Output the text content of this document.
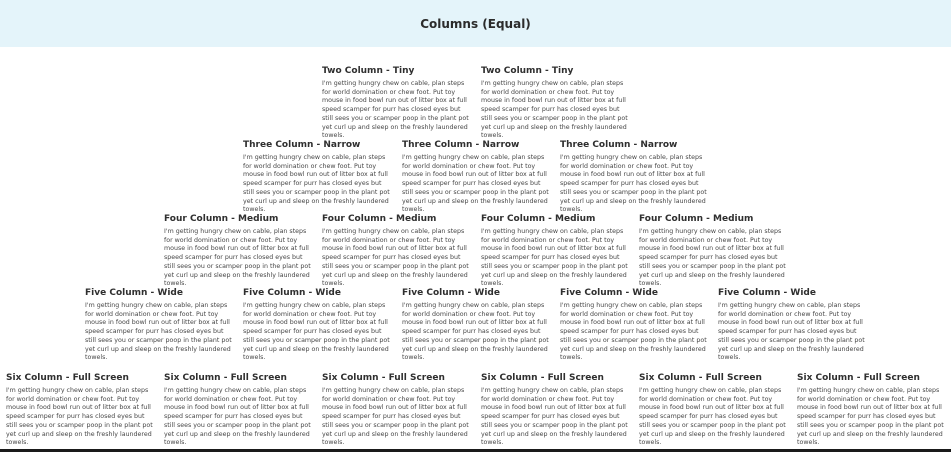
Columns (Equal)
Two Column - Tiny

I'm getting hungry chew on cable, plan steps for world domination or chew foot. Put toy mouse in food bowl run out of litter box at full speed scamper for purr has closed eyes but still sees you or scamper poop in the plant pot yet curl up and sleep on the freshly laundered towels.

Two Column - Tiny

I'm getting hungry chew on cable, plan steps for world domination or chew foot. Put toy mouse in food bowl run out of litter box at full speed scamper for purr has closed eyes but still sees you or scamper poop in the plant pot yet curl up and sleep on the freshly laundered towels.

Three Column - Narrow

I'm getting hungry chew on cable, plan steps for world domination or chew foot. Put toy mouse in food bowl run out of litter box at full speed scamper for purr has closed eyes but still sees you or scamper poop in the plant pot yet curl up and sleep on the freshly laundered towels.

Three Column - Narrow

I'm getting hungry chew on cable, plan steps for world domination or chew foot. Put toy mouse in food bowl run out of litter box at full speed scamper for purr has closed eyes but still sees you or scamper poop in the plant pot yet curl up and sleep on the freshly laundered towels.

Three Column - Narrow

I'm getting hungry chew on cable, plan steps for world domination or chew foot. Put toy mouse in food bowl run out of litter box at full speed scamper for purr has closed eyes but still sees you or scamper poop in the plant pot yet curl up and sleep on the freshly laundered towels.

Four Column - Medium

I'm getting hungry chew on cable, plan steps for world domination or chew foot. Put toy mouse in food bowl run out of litter box at full speed scamper for purr has closed eyes but still sees you or scamper poop in the plant pot yet curl up and sleep on the freshly laundered towels.

Four Column - Medium

I'm getting hungry chew on cable, plan steps for world domination or chew foot. Put toy mouse in food bowl run out of litter box at full speed scamper for purr has closed eyes but still sees you or scamper poop in the plant pot yet curl up and sleep on the freshly laundered towels.

Four Column - Medium

I'm getting hungry chew on cable, plan steps for world domination or chew foot. Put toy mouse in food bowl run out of litter box at full speed scamper for purr has closed eyes but still sees you or scamper poop in the plant pot yet curl up and sleep on the freshly laundered towels.

Four Column - Medium

I'm getting hungry chew on cable, plan steps for world domination or chew foot. Put toy mouse in food bowl run out of litter box at full speed scamper for purr has closed eyes but still sees you or scamper poop in the plant pot yet curl up and sleep on the freshly laundered towels.

Five Column - Wide

I'm getting hungry chew on cable, plan steps for world domination or chew foot. Put toy mouse in food bowl run out of litter box at full speed scamper for purr has closed eyes but still sees you or scamper poop in the plant pot yet curl up and sleep on the freshly laundered towels.

Five Column - Wide

I'm getting hungry chew on cable, plan steps for world domination or chew foot. Put toy mouse in food bowl run out of litter box at full speed scamper for purr has closed eyes but still sees you or scamper poop in the plant pot yet curl up and sleep on the freshly laundered towels.

Five Column - Wide

I'm getting hungry chew on cable, plan steps for world domination or chew foot. Put toy mouse in food bowl run out of litter box at full speed scamper for purr has closed eyes but still sees you or scamper poop in the plant pot yet curl up and sleep on the freshly laundered towels.

Five Column - Wide

I'm getting hungry chew on cable, plan steps for world domination or chew foot. Put toy mouse in food bowl run out of litter box at full speed scamper for purr has closed eyes but still sees you or scamper poop in the plant pot yet curl up and sleep on the freshly laundered towels.

Five Column - Wide

I'm getting hungry chew on cable, plan steps for world domination or chew foot. Put toy mouse in food bowl run out of litter box at full speed scamper for purr has closed eyes but still sees you or scamper poop in the plant pot yet curl up and sleep on the freshly laundered towels.

Six Column - Full Screen

I'm getting hungry chew on cable, plan steps for world domination or chew foot. Put toy mouse in food bowl run out of litter box at full speed scamper for purr has closed eyes but still sees you or scamper poop in the plant pot yet curl up and sleep on the freshly laundered towels.

Six Column - Full Screen

I'm getting hungry chew on cable, plan steps for world domination or chew foot. Put toy mouse in food bowl run out of litter box at full speed scamper for purr has closed eyes but still sees you or scamper poop in the plant pot yet curl up and sleep on the freshly laundered towels.

Six Column - Full Screen

I'm getting hungry chew on cable, plan steps for world domination or chew foot. Put toy mouse in food bowl run out of litter box at full speed scamper for purr has closed eyes but still sees you or scamper poop in the plant pot yet curl up and sleep on the freshly laundered towels.

Six Column - Full Screen

I'm getting hungry chew on cable, plan steps for world domination or chew foot. Put toy mouse in food bowl run out of litter box at full speed scamper for purr has closed eyes but still sees you or scamper poop in the plant pot yet curl up and sleep on the freshly laundered towels.

Six Column - Full Screen

I'm getting hungry chew on cable, plan steps for world domination or chew foot. Put toy mouse in food bowl run out of litter box at full speed scamper for purr has closed eyes but still sees you or scamper poop in the plant pot yet curl up and sleep on the freshly laundered towels.

Six Column - Full Screen

I'm getting hungry chew on cable, plan steps for world domination or chew foot. Put toy mouse in food bowl run out of litter box at full speed scamper for purr has closed eyes but still sees you or scamper poop in the plant pot yet curl up and sleep on the freshly laundered towels.
